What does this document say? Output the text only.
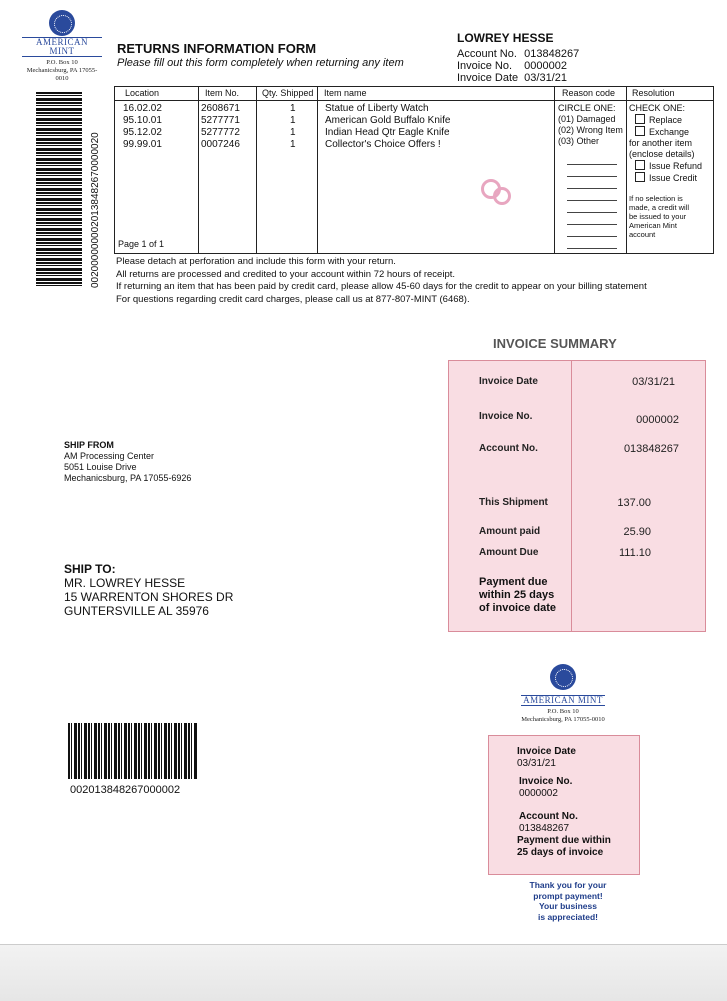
AMERICAN MINT
P.O. Box 10
Mechanicsburg, PA 17055-0010
RETURNS INFORMATION FORM
Please fill out this form completely when returning any item
LOWREY HESSE
Account No.	013848267
Invoice No.	0000002
Invoice Date	03/31/21
0020000000020138482670000020
Location	Item No.	Qty. Shipped	Item name	Reason code	Resolution
16.02.02	2608671	1	Statue of Liberty Watch
95.10.01	5277771	1	American Gold Buffalo Knife
95.12.02	5277772	1	Indian Head Qtr Eagle Knife
99.99.01	0007246	1	Collector's Choice Offers !
Page 1 of 1
CIRCLE ONE:
(01) Damaged
(02) Wrong Item
(03) Other
CHECK ONE:
Replace
Exchange
for another item
(enclose details)
Issue Refund
Issue Credit
If no selection is
made, a credit will
be issued to your
American Mint
account
Please detach at perforation and include this form with your return.
All returns are processed and credited to your account within 72 hours of receipt.
If returning an item that has been paid by credit card, please allow 45-60 days for the credit to appear on your billing statement
For questions regarding credit card charges, please call us at 877-807-MINT (6468).
INVOICE SUMMARY
Invoice Date	03/31/21
Invoice No.	0000002
Account No.	013848267
This Shipment	137.00
Amount paid	25.90
Amount Due	111.10
Payment due
within 25 days
of invoice date
SHIP FROM
AM Processing Center
5051 Louise Drive
Mechanicsburg, PA 17055-6926
SHIP TO:
MR. LOWREY HESSE
15 WARRENTON SHORES DR
GUNTERSVILLE AL 35976
002013848267000002
AMERICAN MINT
P.O. Box 10
Mechanicsburg, PA 17055-0010
Invoice Date
03/31/21
Invoice No.
0000002
Account No.
013848267
Payment due within
25 days of invoice
Thank you for your
prompt payment!
Your business
is appreciated!
